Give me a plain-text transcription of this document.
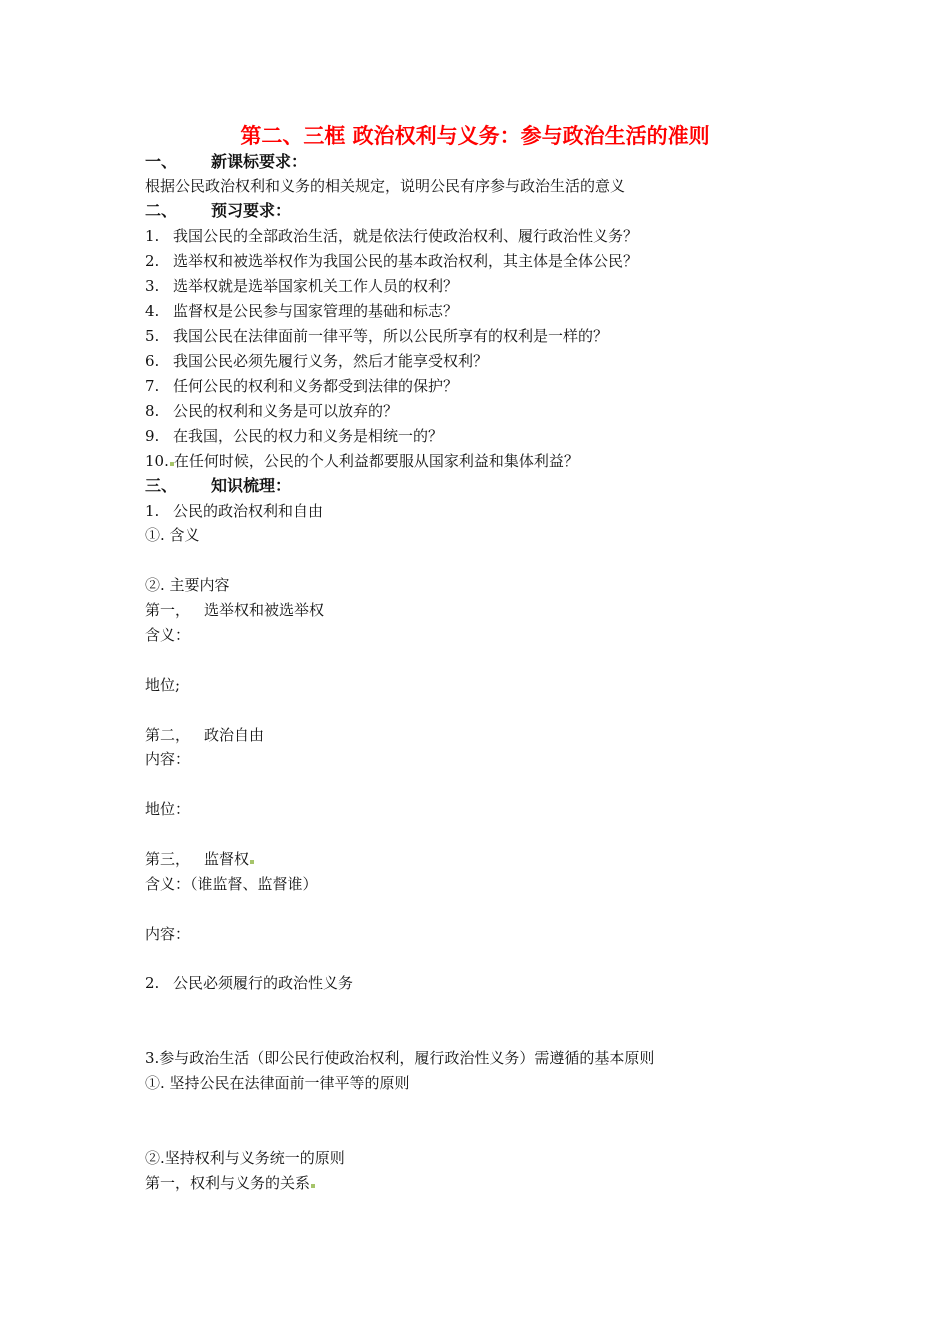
第二、三框 政治权利与义务：参与政治生活的准则
一、 新课标要求：
根据公民政治权利和义务的相关规定，说明公民有序参与政治生活的意义
二、 预习要求：
1. 我国公民的全部政治生活，就是依法行使政治权利、履行政治性义务？
2. 选举权和被选举权作为我国公民的基本政治权利，其主体是全体公民？
3. 选举权就是选举国家机关工作人员的权利？
4. 监督权是公民参与国家管理的基础和标志？
5. 我国公民在法律面前一律平等，所以公民所享有的权利是一样的？
6. 我国公民必须先履行义务，然后才能享受权利？
7. 任何公民的权利和义务都受到法律的保护？
8. 公民的权利和义务是可以放弃的？
9. 在我国，公民的权力和义务是相统一的？
10. 在任何时候，公民的个人利益都要服从国家利益和集体利益？
三、 知识梳理：
1. 公民的政治权利和自由
①. 含义
②. 主要内容
第一， 选举权和被选举权
含义：
地位;
第二， 政治自由
内容：
地位：
第三， 监督权
含义：（谁监督、监督谁）
内容：
2. 公民必须履行的政治性义务
3.参与政治生活（即公民行使政治权利，履行政治性义务）需遵循的基本原则
①. 坚持公民在法律面前一律平等的原则
②.坚持权利与义务统一的原则
第一，权利与义务的关系
